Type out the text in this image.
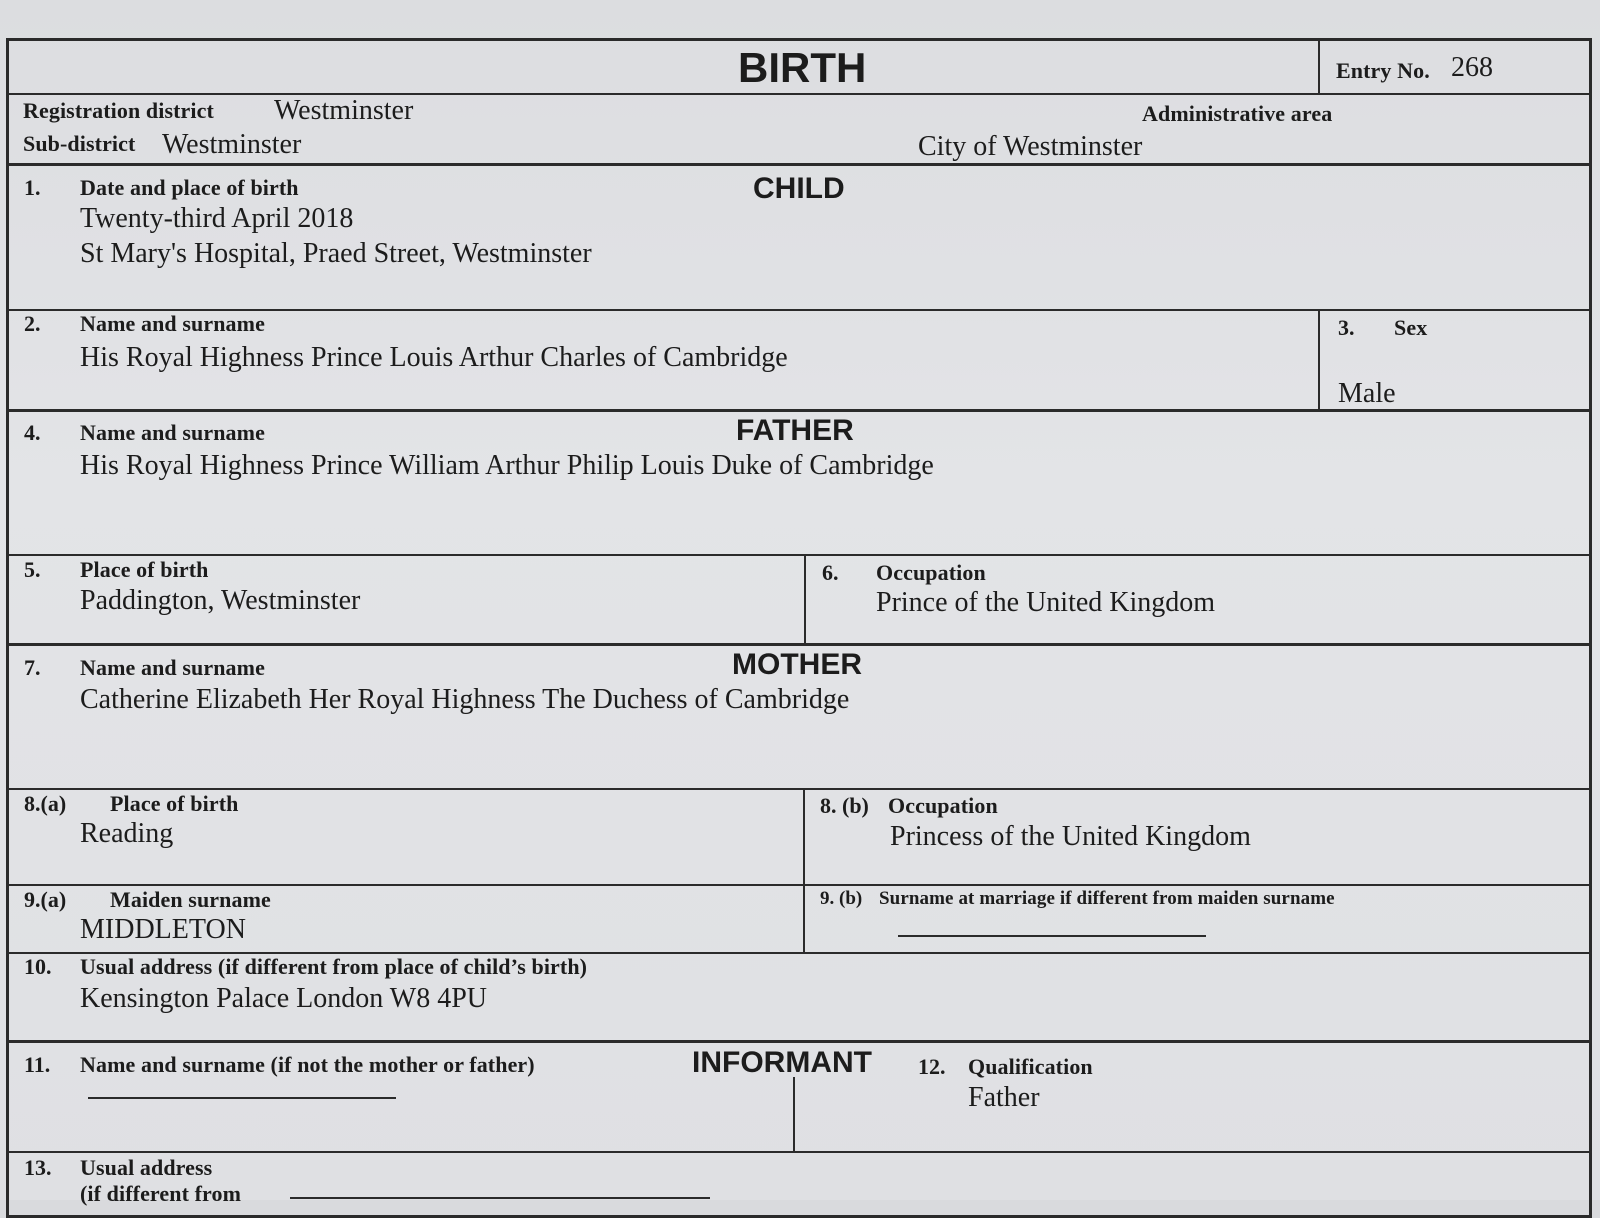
BIRTH	Entry No. 268
Registration district Westminster
Sub-district Westminster
Administrative area
City of Westminster
CHILD
1. Date and place of birth
Twenty-third April 2018
St Mary's Hospital, Praed Street, Westminster
2. Name and surname
His Royal Highness Prince Louis Arthur Charles of Cambridge
3. Sex
Male
FATHER
4. Name and surname
His Royal Highness Prince William Arthur Philip Louis Duke of Cambridge
5. Place of birth
Paddington, Westminster
6. Occupation
Prince of the United Kingdom
MOTHER
7. Name and surname
Catherine Elizabeth Her Royal Highness The Duchess of Cambridge
8.(a) Place of birth
Reading
8. (b) Occupation
Princess of the United Kingdom
9.(a) Maiden surname
MIDDLETON
9. (b) Surname at marriage if different from maiden surname
10. Usual address (if different from place of child’s birth)
Kensington Palace London W8 4PU
INFORMANT
11. Name and surname (if not the mother or father)	12. Qualification
Father
13. Usual address
(if different from
